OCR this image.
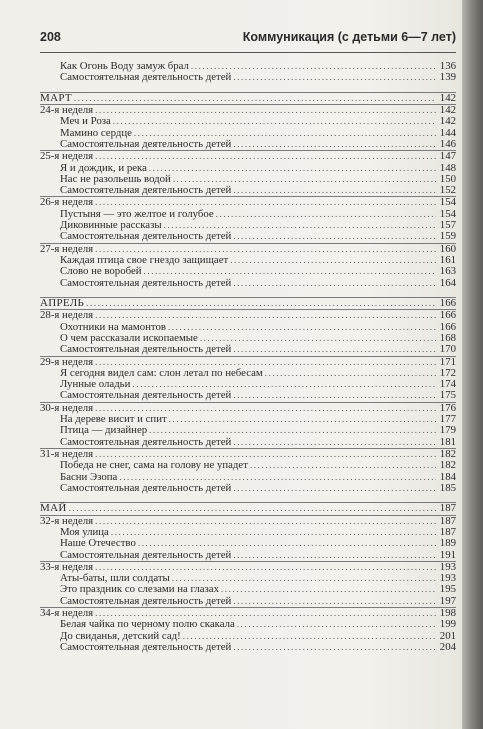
208	Коммуникация (с детьми 6—7 лет)
Как Огонь Воду замуж брал .....	136
Самостоятельная деятельность детей .....	139
МАРТ .....	142
24-я неделя .....	142
Меч и Роза .....	142
Мамино сердце .....	144
Самостоятельная деятельность детей .....	146
25-я неделя .....	147
Я и дождик, и река .....	148
Нас не разольешь водой .....	150
Самостоятельная деятельность детей .....	152
26-я неделя .....	154
Пустыня — это желтое и голубое .....	154
Диковинные рассказы .....	157
Самостоятельная деятельность детей .....	159
27-я неделя .....	160
Каждая птица свое гнездо защищает .....	161
Слово не воробей .....	163
Самостоятельная деятельность детей .....	164
АПРЕЛЬ .....	166
28-я неделя .....	166
Охотники на мамонтов .....	166
О чем рассказали ископаемые .....	168
Самостоятельная деятельность детей .....	170
29-я неделя .....	171
Я сегодня видел сам: слон летал по небесам .....	172
Лунные оладьи .....	174
Самостоятельная деятельность детей .....	175
30-я неделя .....	176
На дереве висит и спит .....	177
Птица — дизайнер .....	179
Самостоятельная деятельность детей .....	181
31-я неделя .....	182
Победа не снег, сама на голову не упадет .....	182
Басни Эзопа .....	184
Самостоятельная деятельность детей .....	185
МАЙ .....	187
32-я неделя .....	187
Моя улица .....	187
Наше Отечество .....	189
Самостоятельная деятельность детей .....	191
33-я неделя .....	193
Аты-баты, шли солдаты .....	193
Это праздник со слезами на глазах .....	195
Самостоятельная деятельность детей .....	197
34-я неделя .....	198
Белая чайка по черному полю скакала .....	199
До свиданья, детский сад! .....	201
Самостоятельная деятельность детей .....	204
